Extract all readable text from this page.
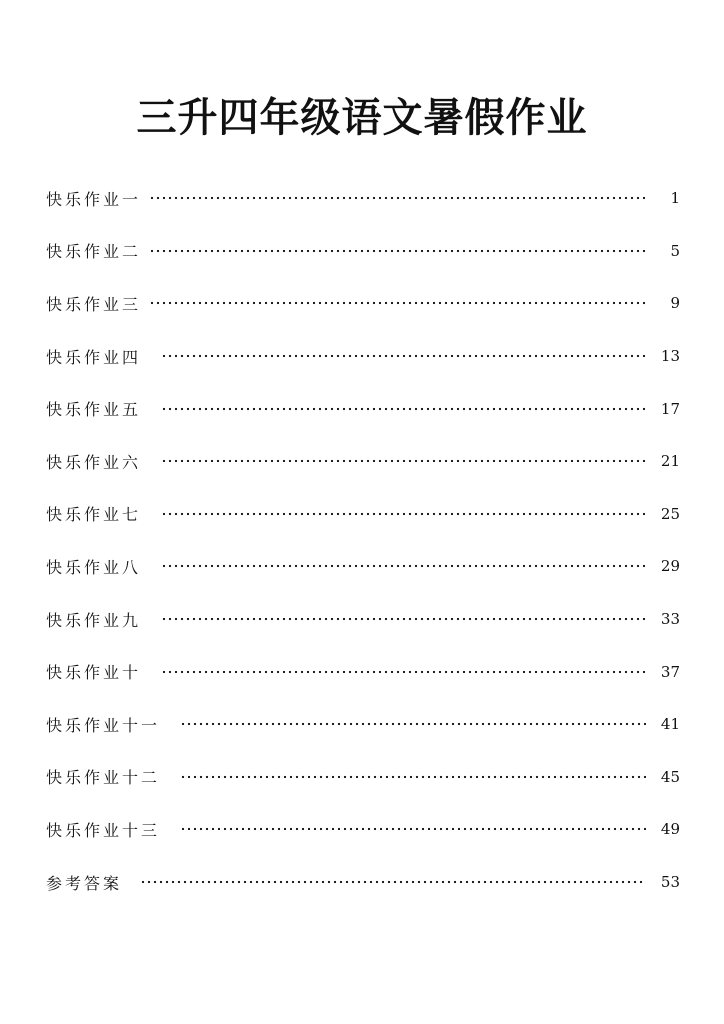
三升四年级语文暑假作业
快乐作业一	1
快乐作业二	5
快乐作业三	9
快乐作业四	13
快乐作业五	17
快乐作业六	21
快乐作业七	25
快乐作业八	29
快乐作业九	33
快乐作业十	37
快乐作业十一	41
快乐作业十二	45
快乐作业十三	49
参考答案	53
